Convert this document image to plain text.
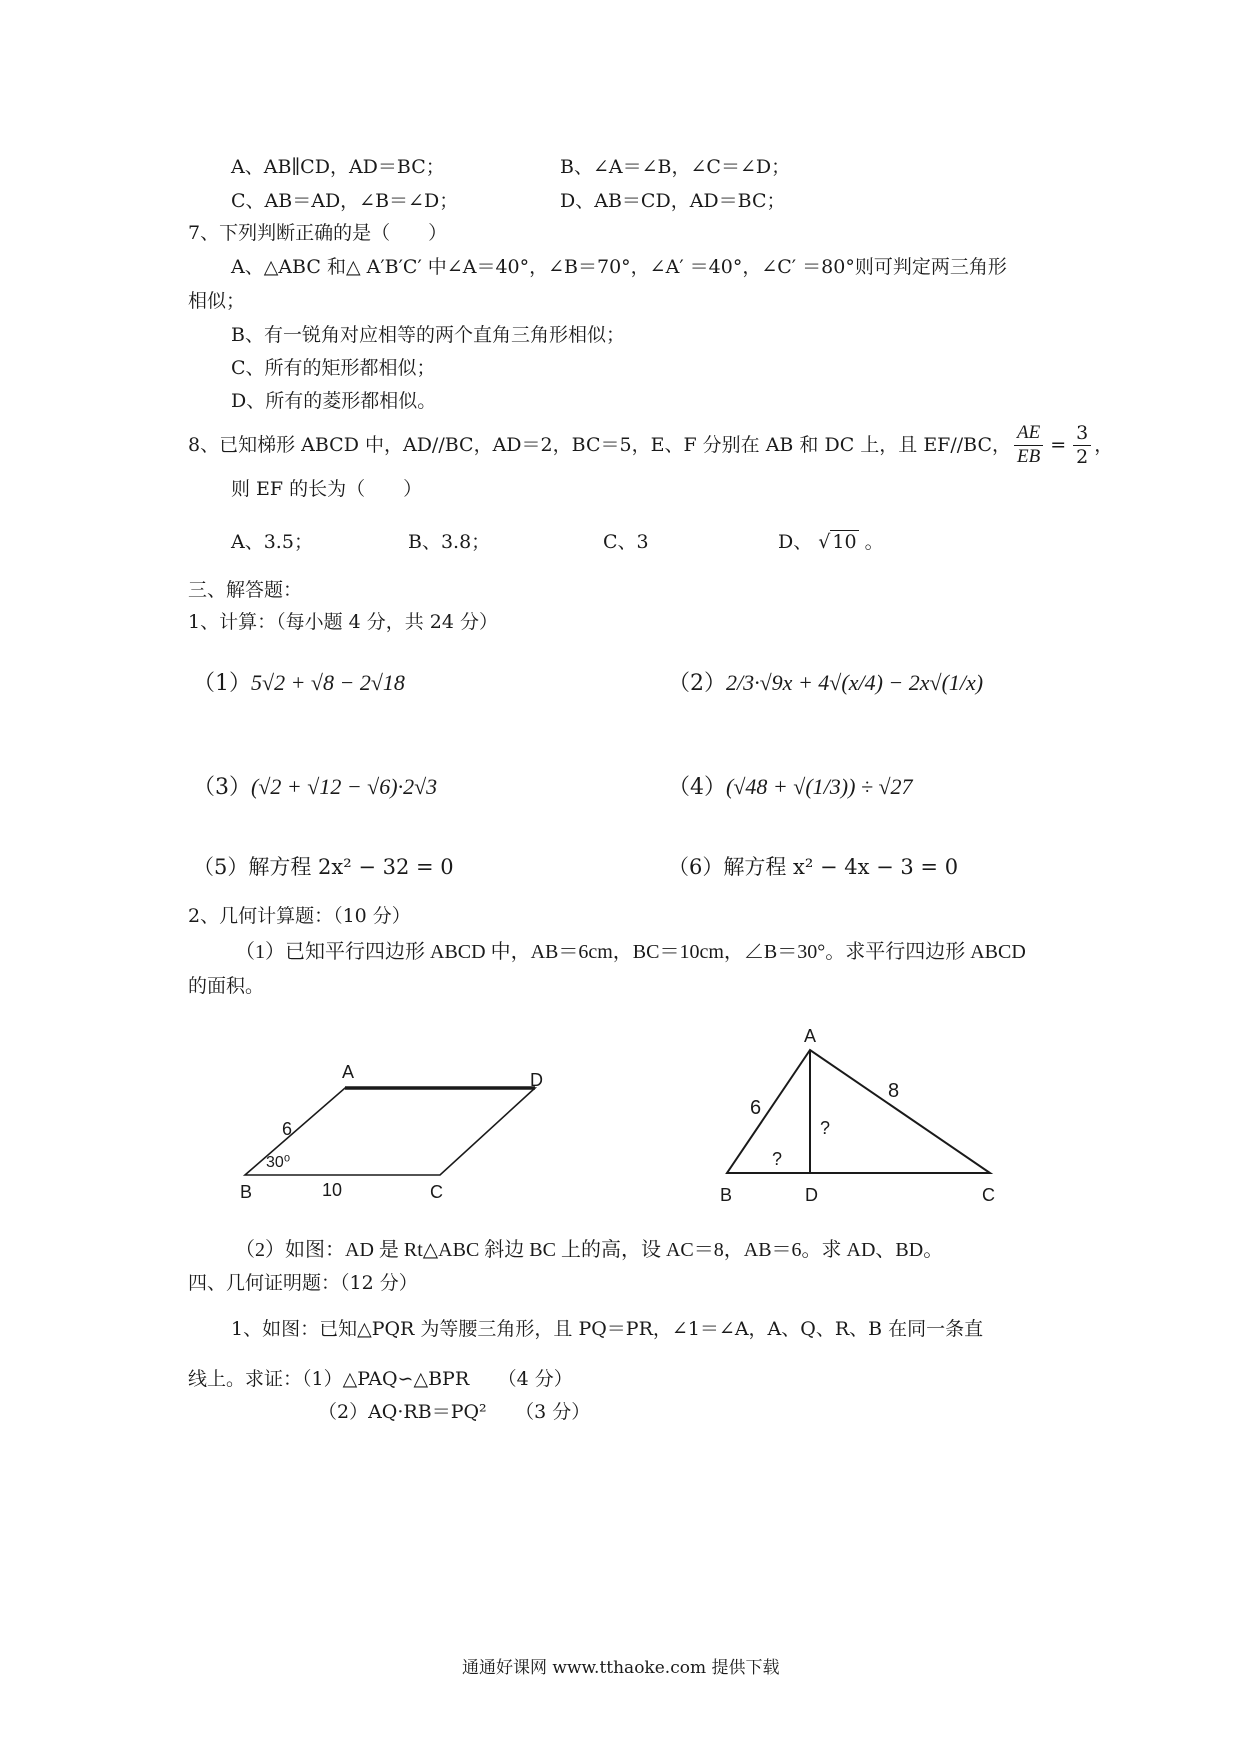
A、AB∥CD，AD＝BC；	B、∠A＝∠B，∠C＝∠D；
C、AB＝AD，∠B＝∠D；	D、AB＝CD，AD＝BC；
7、下列判断正确的是（　　）
A、△ABC 和△ A′B′C′ 中∠A＝40°，∠B＝70°，∠A′ ＝40°，∠C′ ＝80°则可判定两三角形
相似；
B、有一锐角对应相等的两个直角三角形相似；
C、所有的矩形都相似；
D、所有的菱形都相似。
8、已知梯形 ABCD 中，AD//BC，AD＝2，BC＝5，E、F 分别在 AB 和 DC 上，且 EF//BC， $\frac{AE}{EB} = \frac{3}{2}$ ，
则 EF 的长为（　　）
A、3.5；	B、3.8；	C、3	D、 √ 10 。
三、解答题：
1、计算：（每小题 4 分，共 24 分）
（1）5√2 + √8 − 2√18	（2）2/3·√9x + 4√(x/4) − 2x√(1/x)
（3）(√2 + √12 − √6)·2√3	（4）(√48 + √(1/3)) ÷ √27
（5）解方程 2x² − 32 = 0	（6）解方程 x² − 4x − 3 = 0
2、几何计算题：（10 分）
（1）已知平行四边形 ABCD 中，AB＝6cm，BC＝10cm，∠B＝30°。求平行四边形 ABCD
的面积。
A	D
B	C
6
10
30⁰
A
B	D	C
6
8
?
?
（2）如图：AD 是 Rt△ABC 斜边 BC 上的高，设 AC＝8，AB＝6。求 AD、BD。
四、几何证明题：（12 分）
1、如图：已知△PQR 为等腰三角形，且 PQ＝PR，∠1＝∠A，A、Q、R、B 在同一条直
线上。求证：（1）△PAQ∽△BPR　　（4 分）
（2）AQ·RB＝PQ²　　（3 分）
通通好课网 www.tthaoke.com 提供下载
